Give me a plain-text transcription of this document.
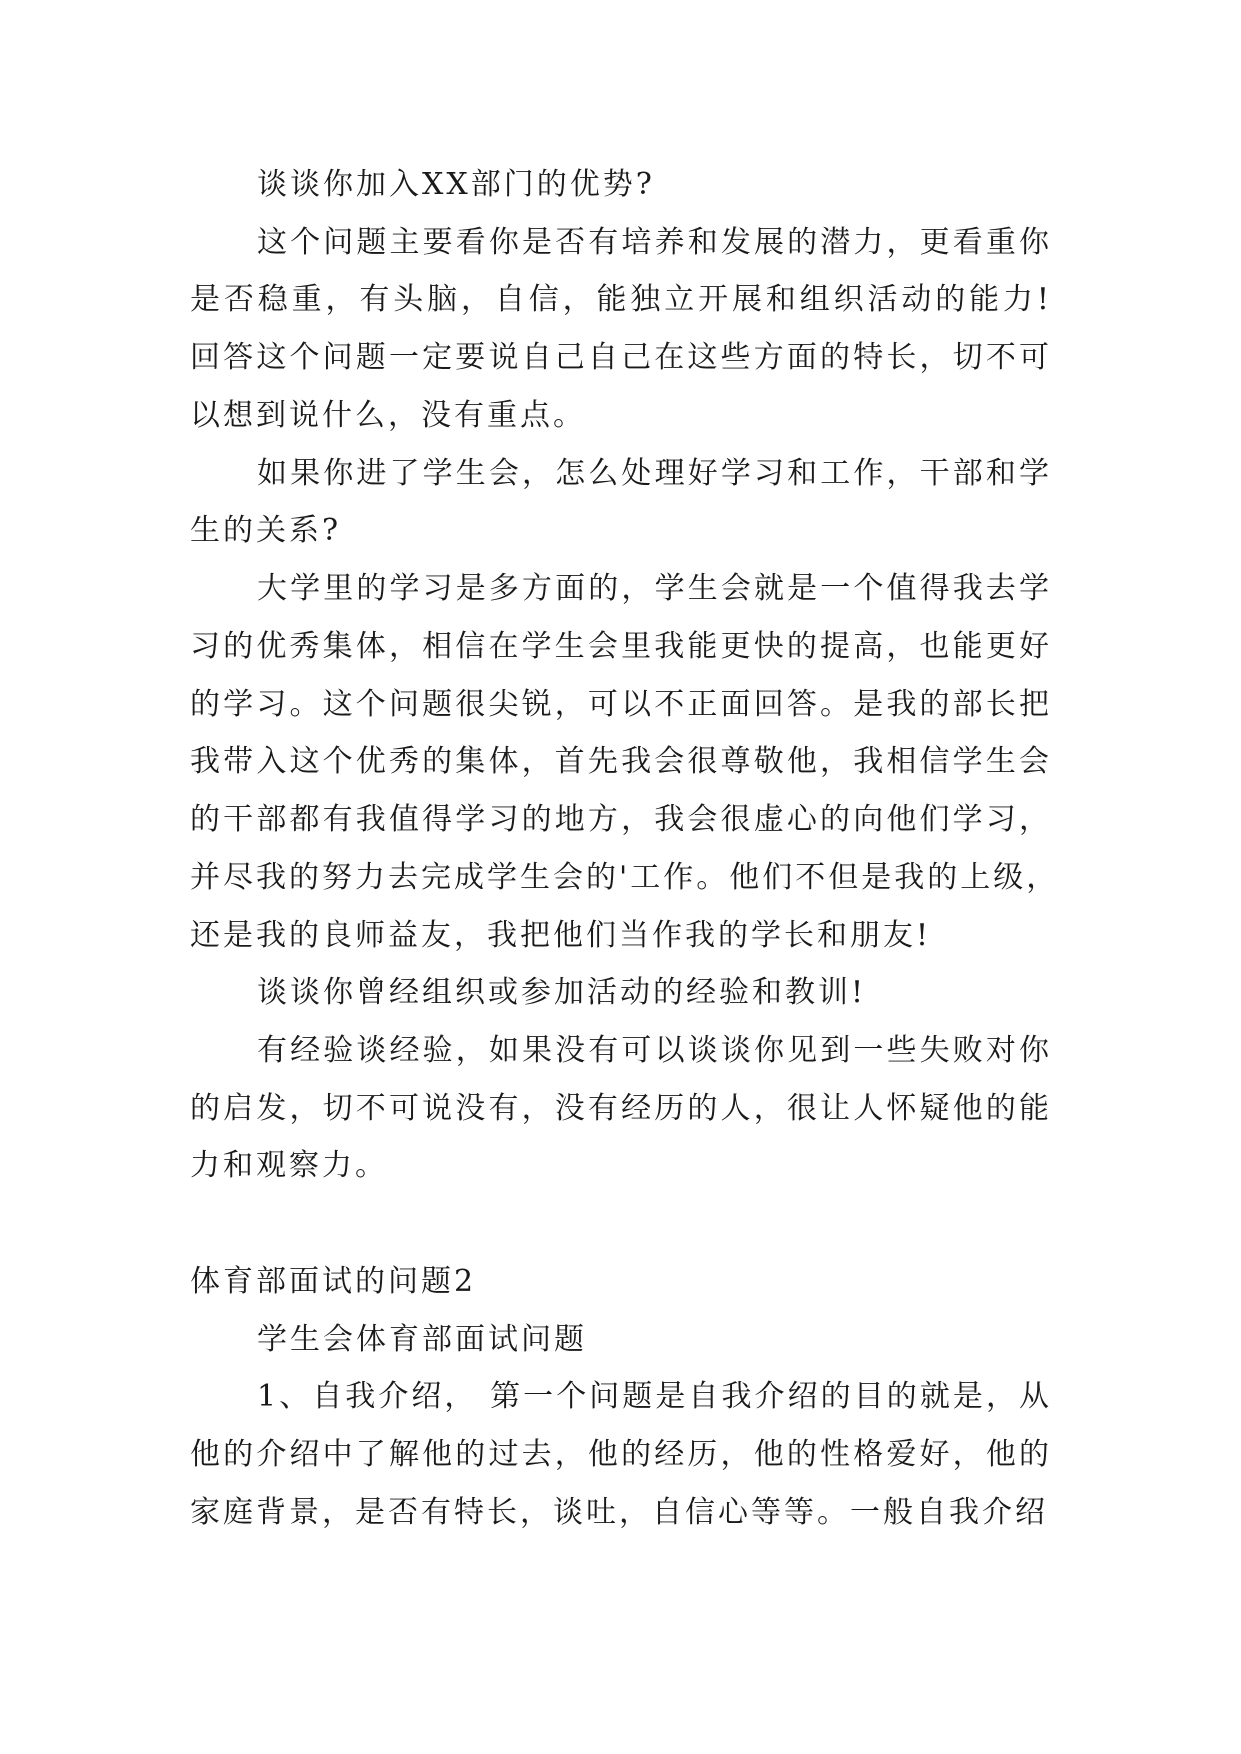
谈谈你加入XX部门的优势?
这个问题主要看你是否有培养和发展的潜力，更看重你
是否稳重，有头脑，自信，能独立开展和组织活动的能力!
回答这个问题一定要说自己自己在这些方面的特长，切不可
以想到说什么，没有重点。
如果你进了学生会，怎么处理好学习和工作，干部和学
生的关系?
大学里的学习是多方面的，学生会就是一个值得我去学
习的优秀集体，相信在学生会里我能更快的提高，也能更好
的学习。这个问题很尖锐，可以不正面回答。是我的部长把
我带入这个优秀的集体，首先我会很尊敬他，我相信学生会
的干部都有我值得学习的地方，我会很虚心的向他们学习，
并尽我的努力去完成学生会的'工作。他们不但是我的上级，
还是我的良师益友，我把他们当作我的学长和朋友!
谈谈你曾经组织或参加活动的经验和教训!
有经验谈经验，如果没有可以谈谈你见到一些失败对你
的启发，切不可说没有，没有经历的人，很让人怀疑他的能
力和观察力。
体育部面试的问题2
学生会体育部面试问题
1、自我介绍， 第一个问题是自我介绍的目的就是，从
他的介绍中了解他的过去，他的经历，他的性格爱好，他的
家庭背景，是否有特长，谈吐，自信心等等。一般自我介绍
